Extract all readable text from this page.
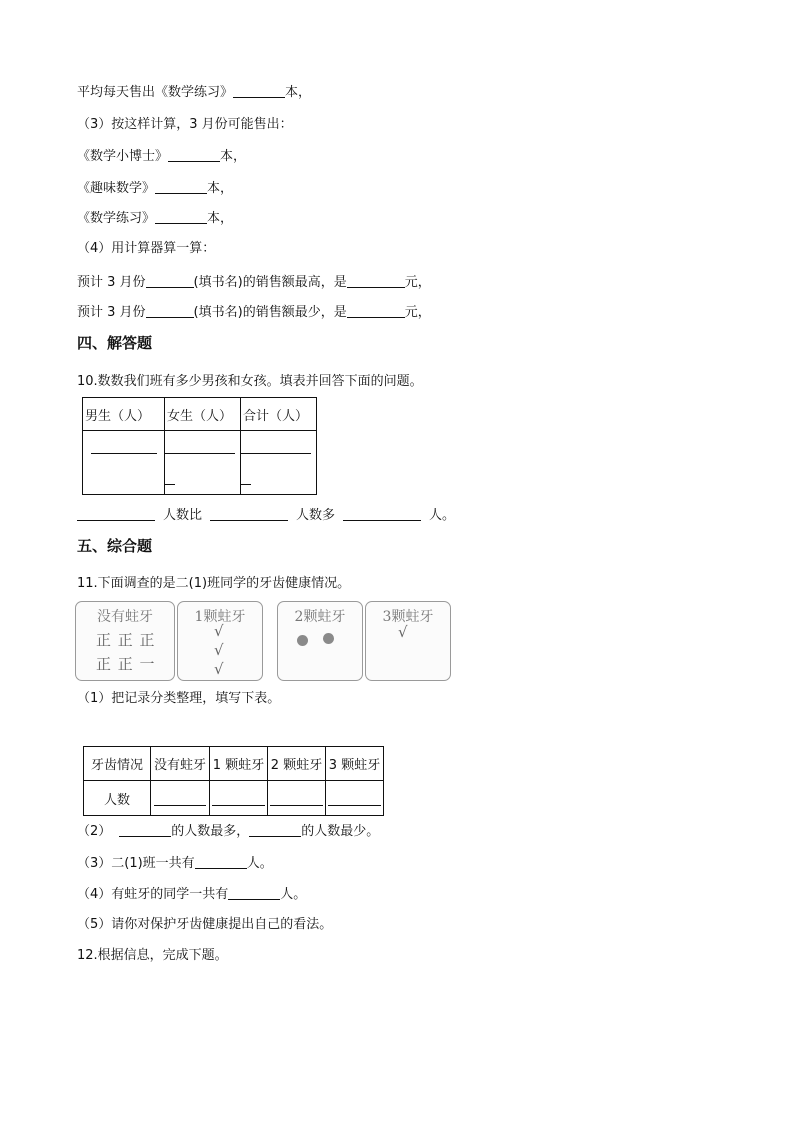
平均每天售出《数学练习》	本，
（3）按这样计算，3 月份可能售出：
《数学小博士》	本，
《趣味数学》	本，
《数学练习》	本，
（4）用计算器算一算：
预计 3 月份	(填书名)的销售额最高，是	元，
预计 3 月份	(填书名)的销售额最少，是	元，
四、解答题
10.数数我们班有多少男孩和女孩。填表并回答下面的问题。
男生（人）	女生（人）	合计（人）

人数比	人数多	人。
五、综合题
11.下面调查的是二(1)班同学的牙齿健康情况。
没有蛀牙
正 正 正
正 正 一
1颗蛀牙
√
√
√
2颗蛀牙	3颗蛀牙
√
（1）把记录分类整理，填写下表。
牙齿情况	没有蛀牙	1 颗蛀牙	2 颗蛀牙	3 颗蛀牙
人数	

（2）	的人数最多，	的人数最少。
（3）二(1)班一共有	人。
（4）有蛀牙的同学一共有	人。
（5）请你对保护牙齿健康提出自己的看法。
12.根据信息，完成下题。
